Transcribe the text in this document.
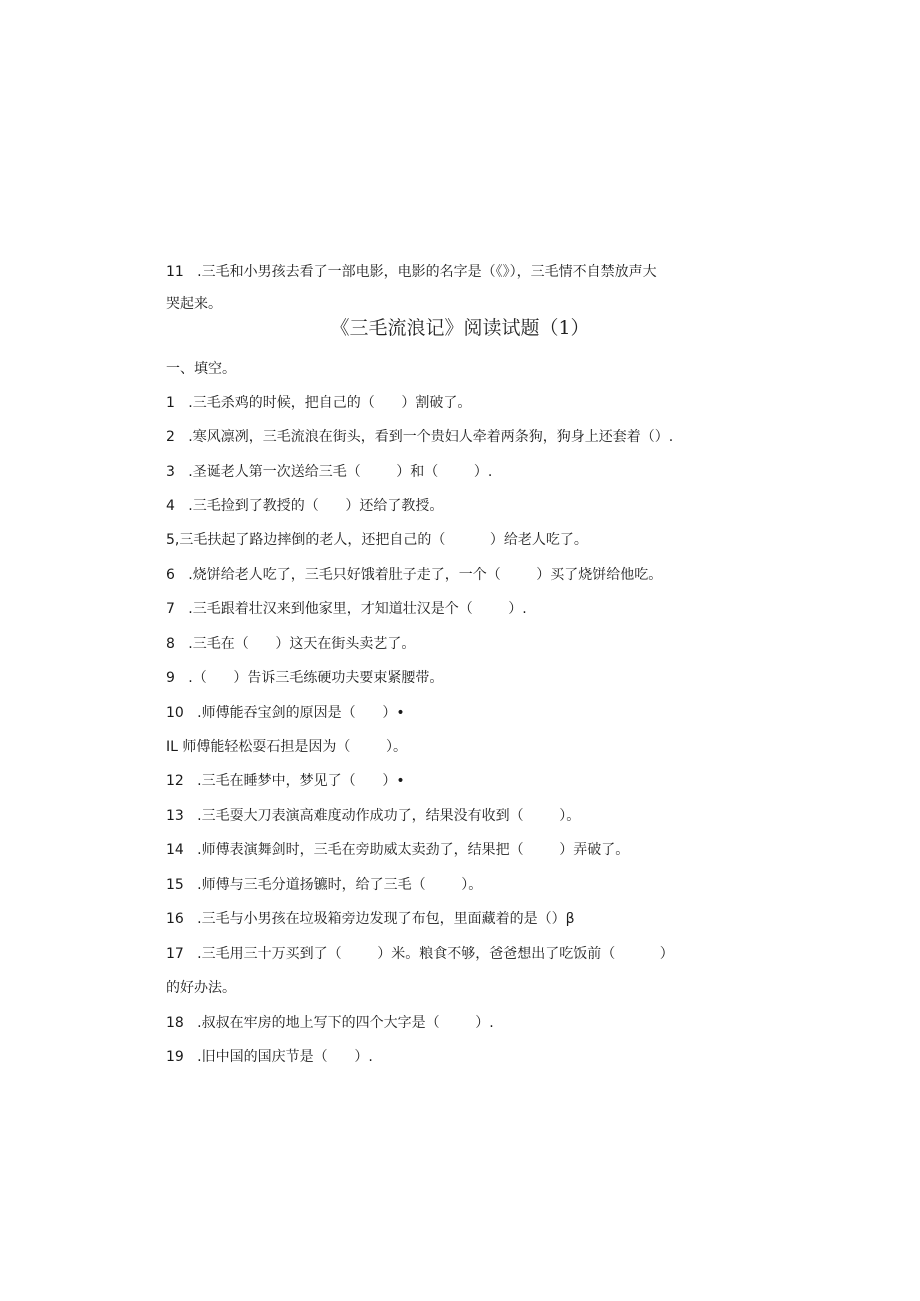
11   .三毛和小男孩去看了一部电影，电影的名字是（《》），三毛情不自禁放声大

哭起来。

《三毛流浪记》阅读试题（1）

一、填空。

1   .三毛杀鸡的时候，把自己的（      ）割破了。

2   .寒风凛冽，三毛流浪在街头，看到一个贵妇人牵着两条狗，狗身上还套着（）.

3   .圣诞老人第一次送给三毛（        ）和（        ）.

4   .三毛捡到了教授的（      ）还给了教授。

5,三毛扶起了路边摔倒的老人，还把自己的（          ）给老人吃了。

6   .烧饼给老人吃了，三毛只好饿着肚子走了，一个（        ）买了烧饼给他吃。

7   .三毛跟着壮汉来到他家里，才知道壮汉是个（        ）.

8   .三毛在（      ）这天在街头卖艺了。

9   .（      ）告诉三毛练硬功夫要束紧腰带。

10   .师傅能吞宝剑的原因是（      ）•

IL 师傅能轻松耍石担是因为（        ）。

12   .三毛在睡梦中，梦见了（      ）•

13   .三毛耍大刀表演高难度动作成功了，结果没有收到（        ）。

14   .师傅表演舞剑时，三毛在旁助威太卖劲了，结果把（        ）弄破了。

15   .师傅与三毛分道扬镳时，给了三毛（        ）。

16   .三毛与小男孩在垃圾箱旁边发现了布包，里面藏着的是（）β

17   .三毛用三十万买到了（        ）米。粮食不够，爸爸想出了吃饭前（          ）

的好办法。

18   .叔叔在牢房的地上写下的四个大字是（        ）.

19   .旧中国的国庆节是（      ）.
